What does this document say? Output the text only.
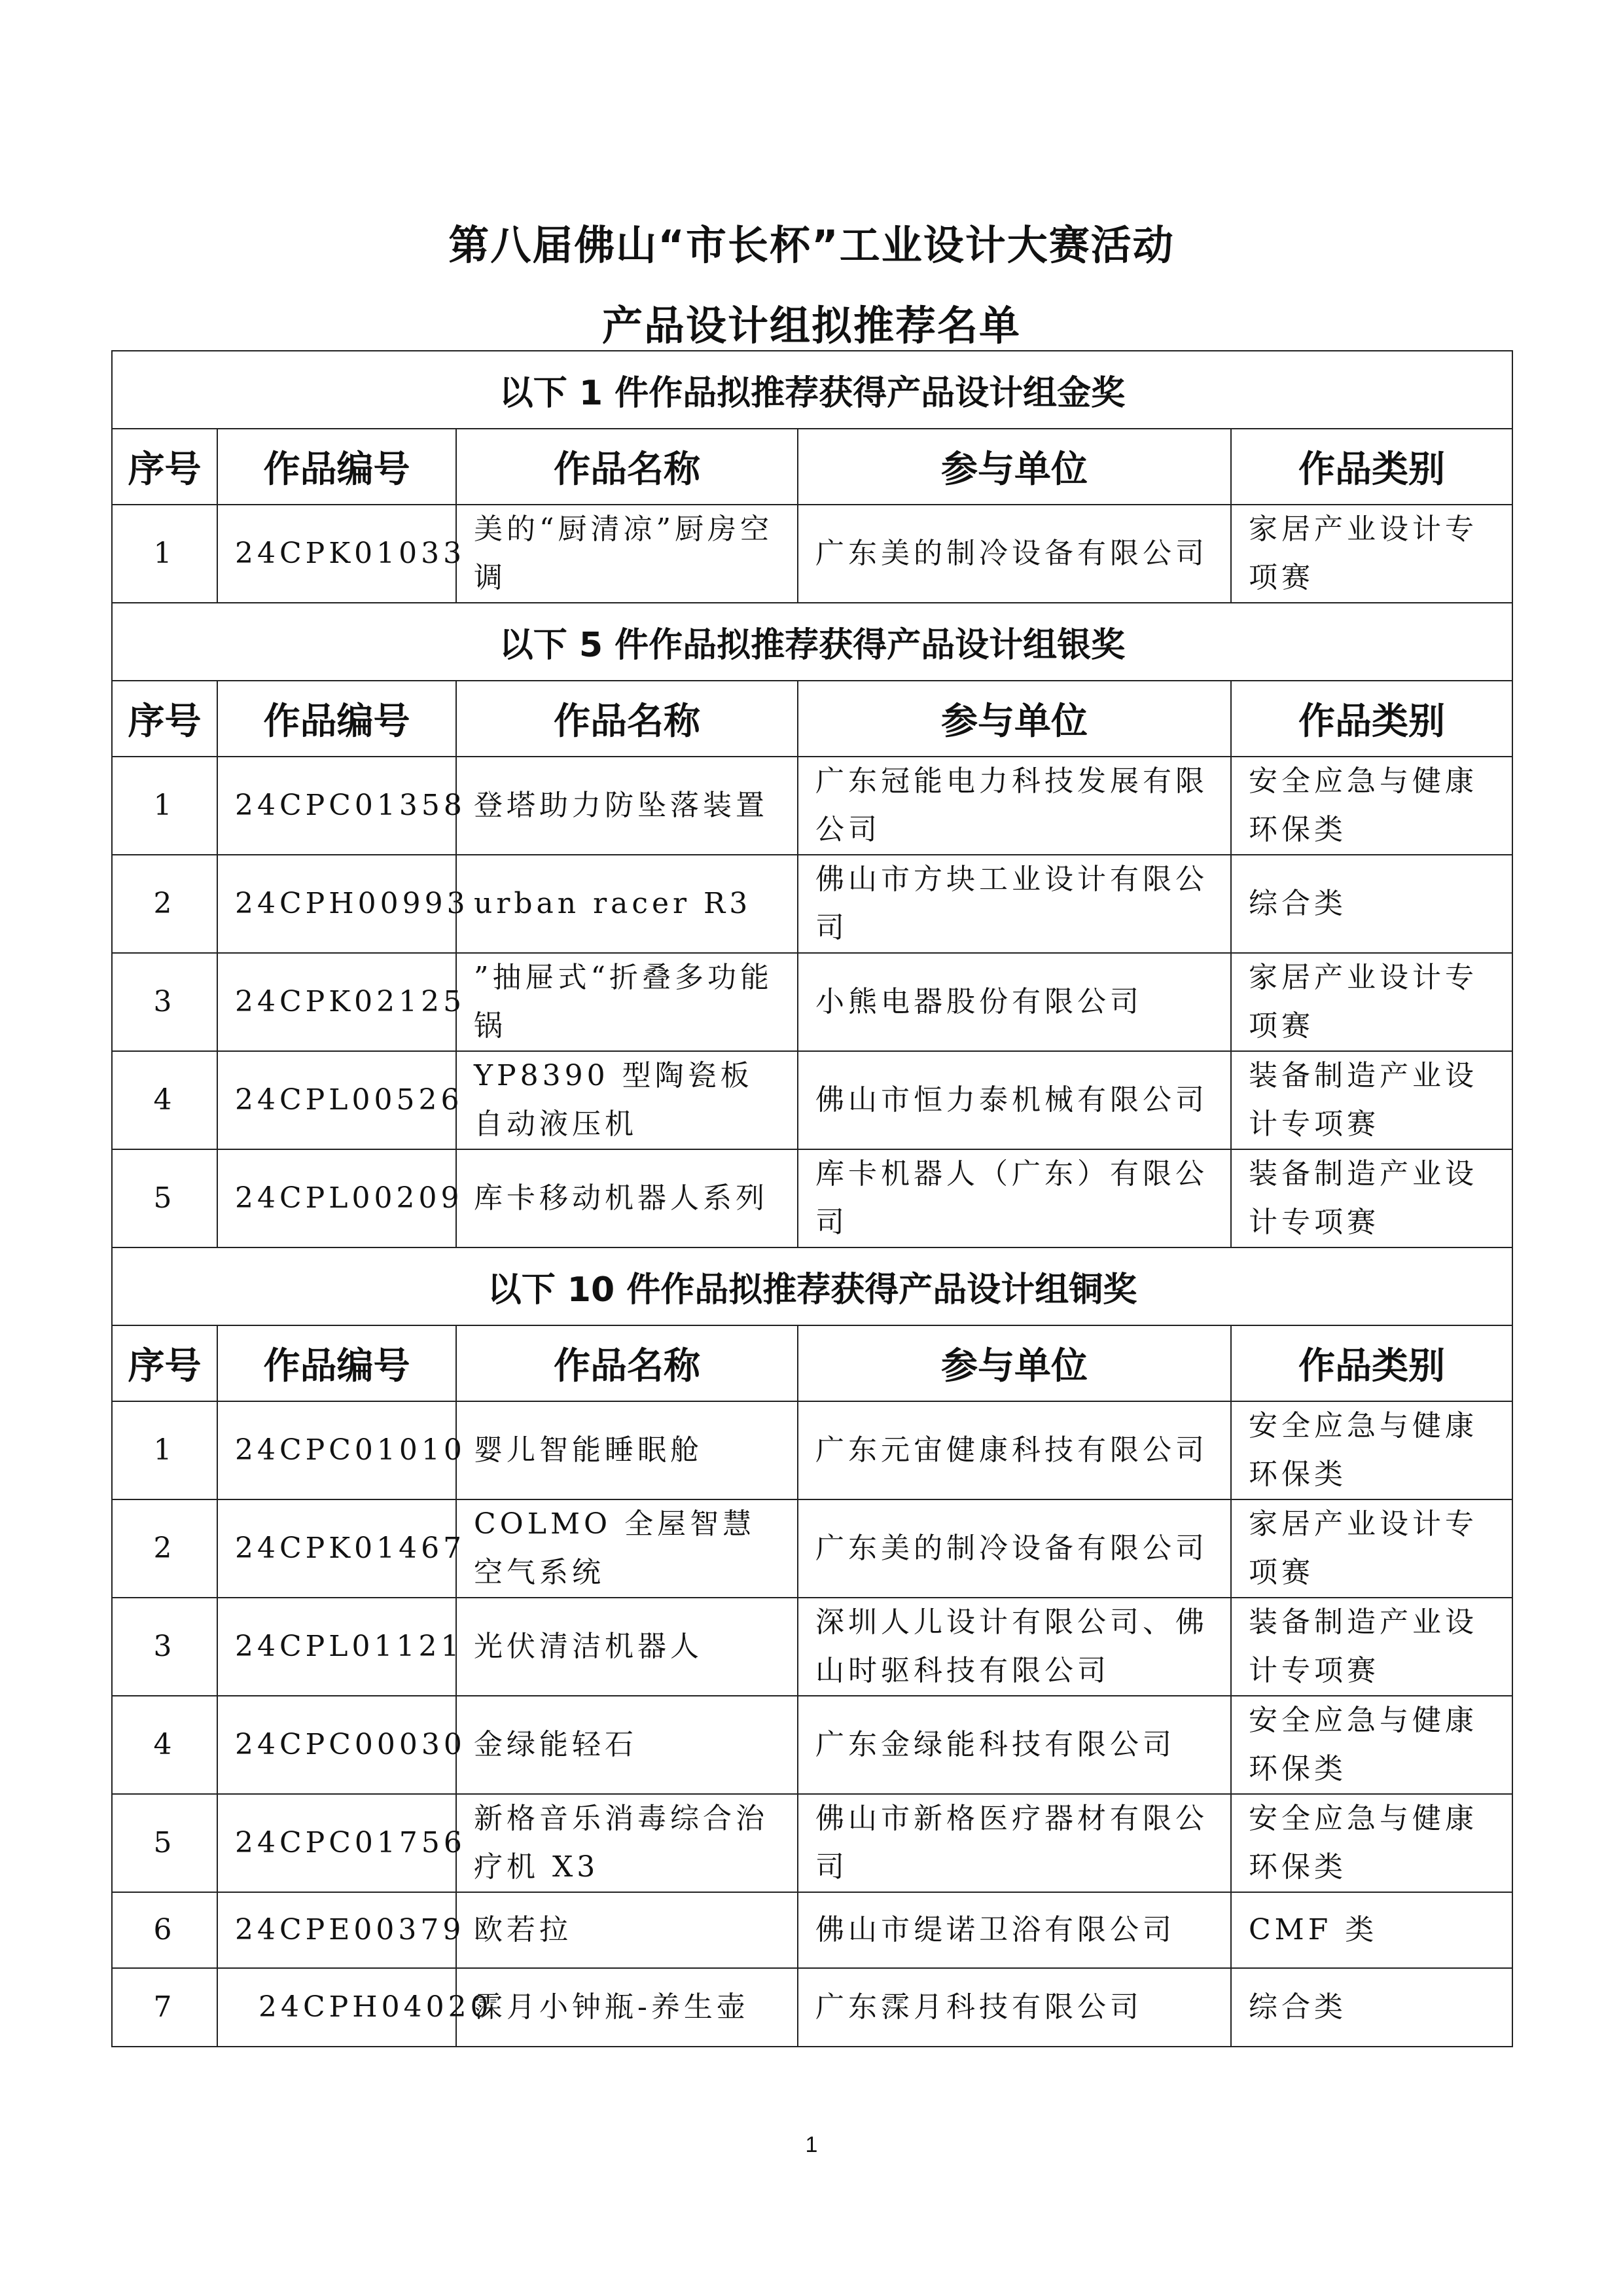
第八届佛山“市长杯”工业设计大赛活动
产品设计组拟推荐名单
以下 1 件作品拟推荐获得产品设计组金奖				
序号	作品编号	作品名称	参与单位	作品类别
1	24CPK01033	美的“厨清凉”厨房空调	广东美的制冷设备有限公司	家居产业设计专项赛
以下 5 件作品拟推荐获得产品设计组银奖				
序号	作品编号	作品名称	参与单位	作品类别
1	24CPC01358	登塔助力防坠落装置	广东冠能电力科技发展有限公司	安全应急与健康环保类
2	24CPH00993	urban racer R3	佛山市方块工业设计有限公司	综合类
3	24CPK02125	”抽屉式“折叠多功能锅	小熊电器股份有限公司	家居产业设计专项赛
4	24CPL00526	YP8390 型陶瓷板自动液压机	佛山市恒力泰机械有限公司	装备制造产业设计专项赛
5	24CPL00209	库卡移动机器人系列	库卡机器人（广东）有限公司	装备制造产业设计专项赛
以下 10 件作品拟推荐获得产品设计组铜奖				
序号	作品编号	作品名称	参与单位	作品类别
1	24CPC01010	婴儿智能睡眠舱	广东元宙健康科技有限公司	安全应急与健康环保类
2	24CPK01467	COLMO 全屋智慧空气系统	广东美的制冷设备有限公司	家居产业设计专项赛
3	24CPL01121	光伏清洁机器人	深圳人儿设计有限公司、佛山时驱科技有限公司	装备制造产业设计专项赛
4	24CPC00030	金绿能轻石	广东金绿能科技有限公司	安全应急与健康环保类
5	24CPC01756	新格音乐消毒综合治疗机 X3	佛山市新格医疗器材有限公司	安全应急与健康环保类
6	24CPE00379	欧若拉	佛山市缇诺卫浴有限公司	CMF 类
7	24CPH04020	霂月小钟瓶-养生壶	广东霂月科技有限公司	综合类
1
